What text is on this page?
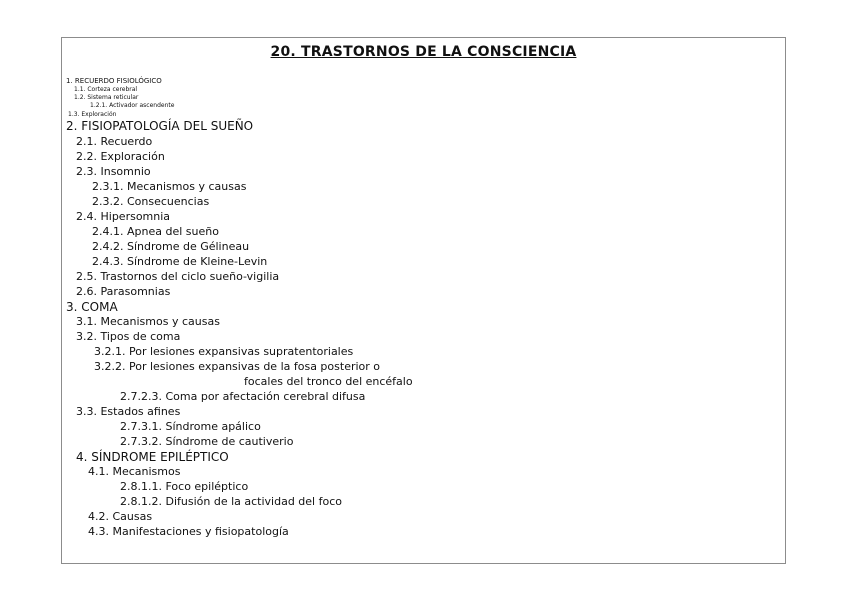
20. TRASTORNOS DE LA CONSCIENCIA
1. RECUERDO FISIOLÓGICO
1.1. Corteza cerebral
1.2. Sistema reticular
1.2.1. Activador ascendente
1.3. Exploración
2. FISIOPATOLOGÍA DEL SUEÑO
2.1. Recuerdo
2.2. Exploración
2.3. Insomnio
2.3.1. Mecanismos y causas
2.3.2. Consecuencias
2.4. Hipersomnia
2.4.1. Apnea del sueño
2.4.2. Síndrome de Gélineau
2.4.3. Síndrome de Kleine-Levin
2.5. Trastornos del ciclo sueño-vigilia
2.6. Parasomnias
3. COMA
3.1. Mecanismos y causas
3.2. Tipos de coma
3.2.1. Por lesiones expansivas supratentoriales
3.2.2. Por lesiones expansivas de la fosa posterior o
focales del tronco del encéfalo
2.7.2.3. Coma por afectación cerebral difusa
3.3. Estados afines
2.7.3.1. Síndrome apálico
2.7.3.2. Síndrome de cautiverio
4. SÍNDROME EPILÉPTICO
4.1. Mecanismos
2.8.1.1. Foco epiléptico
2.8.1.2. Difusión de la actividad del foco
4.2. Causas
4.3. Manifestaciones y fisiopatología
